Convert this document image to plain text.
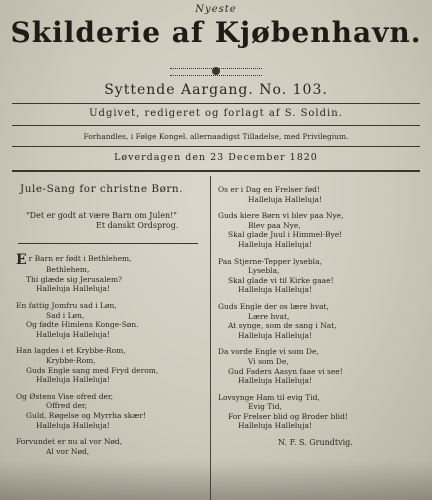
Nyeste
Skilderie af Kjøbenhavn.
Syttende Aargang. No. 103.
Udgivet, redigeret og forlagt af S. Soldin.
Forhandles, i Følge Kongel. allernaadigst Tilladelse, med Privilegium.
Løverdagen den 23 December 1820
Jule-Sang for christne Børn.
"Det er godt at være Barn om Julen!"
Et danskt Ordsprog.
Er Barn er født i Bethlehem,
Bethlehem,
Thi glæde sig Jerusalem?
Halleluja Halleluja!
En fattig Jomfru sad i Løn,
Sad i Løn,
Og fødte Himlens Konge-Søn.
Halleluja Halleluja!
Han lagdes i et Krybbe-Rom,
Krybbe-Rom,
Guds Engle sang med Fryd derom,
Halleluja Halleluja!
Og Østens Vise ofred der,
Offred der,
Guld, Røgelse og Myrrha skær!
Halleluja Halleluja!
Forvundet er nu al vor Nød,
Al vor Nød,
Os er i Dag en Frelser fød!
Halleluja Halleluja!
Guds kiere Børn vi blev paa Nye,
Blev paa Nye,
Skal glade Juul i Himmel-Bye!
Halleluja Halleluja!
Paa Stjerne-Tepper lysebla,
Lysebla,
Skal glade vi til Kirke gaae!
Halleluja Halleluja!
Guds Engle der os lære hvat,
Lære hvat,
At synge, som de sang i Nat,
Halleluja Halleluja!
Da vorde Engle vi som De,
Vi som De,
Gud Faders Aasyn faae vi see!
Halleluja Halleluja!
Lovsynge Ham til evig Tid,
Evig Tid,
For Frelser blid og Broder blid!
Halleluja Halleluja!
N. F. S. Grundtvig.
